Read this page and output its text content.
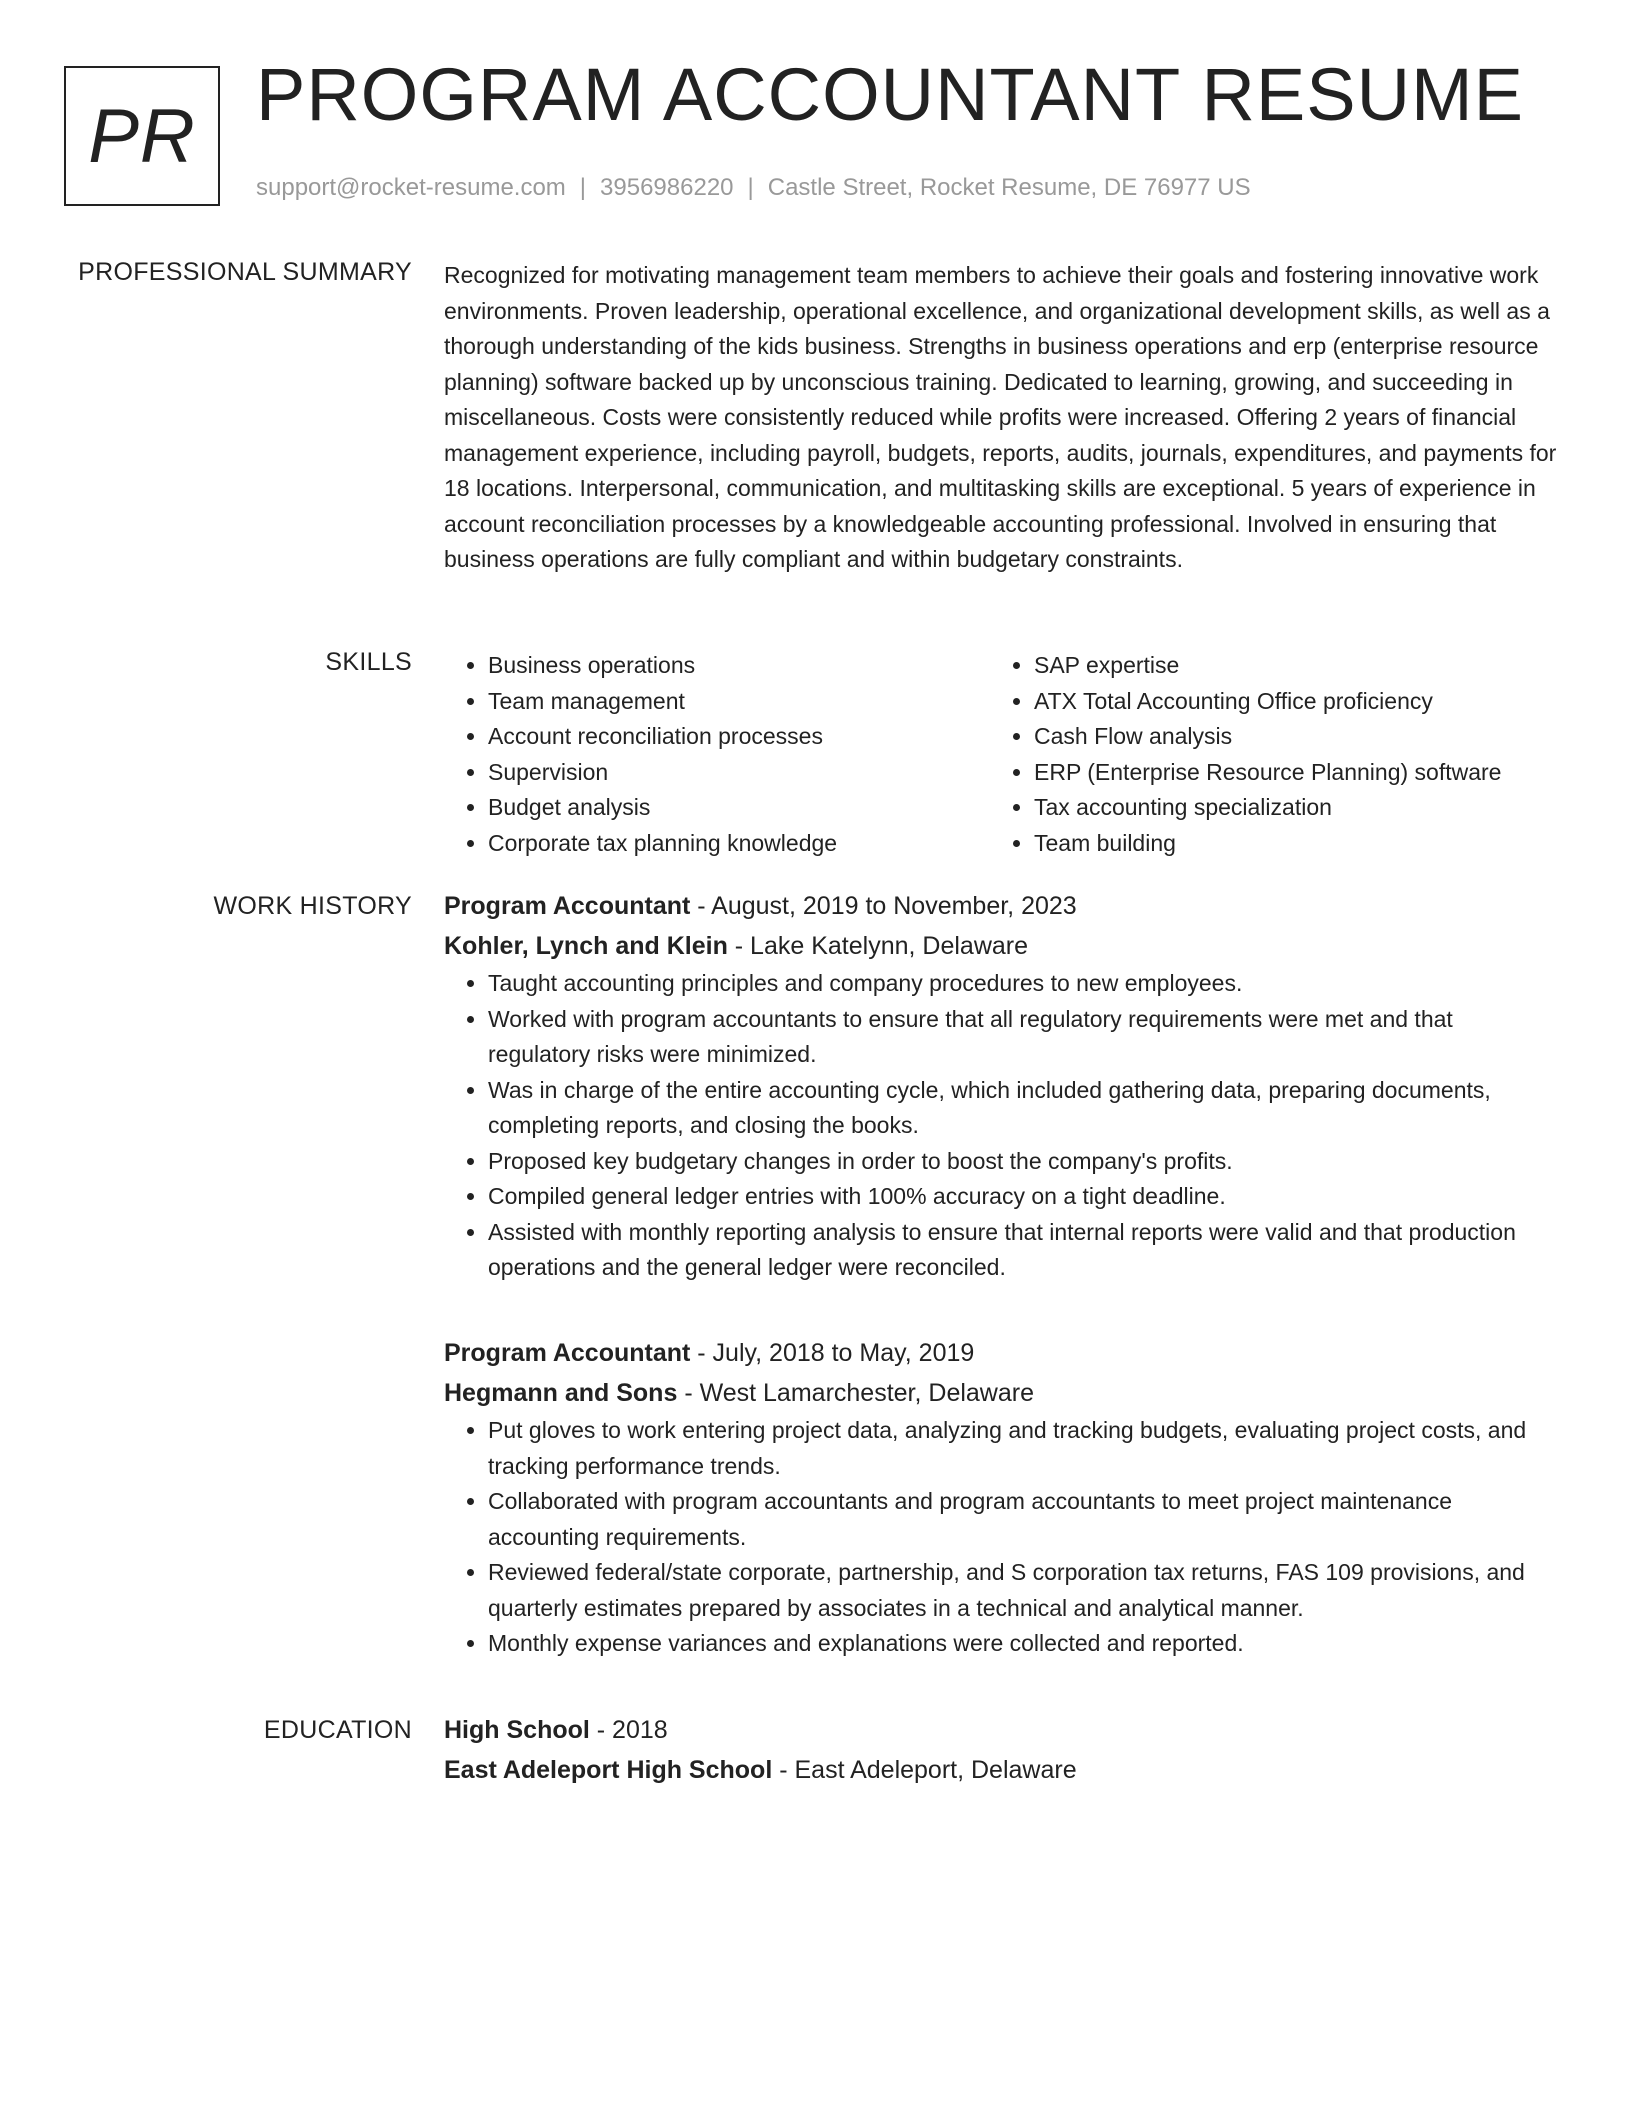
PR PROGRAM ACCOUNTANT RESUME
support@rocket-resume.com | 3956986220 | Castle Street, Rocket Resume, DE 76977 US
PROFESSIONAL SUMMARY Recognized for motivating management team members to achieve their goals and fostering innovative work environments. Proven leadership, operational excellence, and organizational development skills, as well as a thorough understanding of the kids business. Strengths in business operations and erp (enterprise resource planning) software backed up by unconscious training. Dedicated to learning, growing, and succeeding in miscellaneous. Costs were consistently reduced while profits were increased. Offering 2 years of financial management experience, including payroll, budgets, reports, audits, journals, expenditures, and payments for 18 locations. Interpersonal, communication, and multitasking skills are exceptional. 5 years of experience in account reconciliation processes by a knowledgeable accounting professional. Involved in ensuring that business operations are fully compliant and within budgetary constraints.

SKILLS
•	Business operations
• Team management
• Account reconciliation processes
• Supervision
• Budget analysis
• Corporate tax planning knowledge
• SAP expertise
• ATX Total Accounting Office proficiency
• Cash Flow analysis
• ERP (Enterprise Resource Planning) software
• Tax accounting specialization
• Team building
WORK HISTORY Program Accountant - August, 2019 to November, 2023
Kohler, Lynch and Klein - Lake Katelynn, Delaware
• Taught accounting principles and company procedures to new employees.
• Worked with program accountants to ensure that all regulatory requirements were met and that regulatory risks were minimized.
• Was in charge of the entire accounting cycle, which included gathering data, preparing documents, completing reports, and closing the books.
• Proposed key budgetary changes in order to boost the company's profits.
• Compiled general ledger entries with 100% accuracy on a tight deadline.
• Assisted with monthly reporting analysis to ensure that internal reports were valid and that production operations and the general ledger were reconciled.
Program Accountant - July, 2018 to May, 2019
Hegmann and Sons - West Lamarchester, Delaware
• Put gloves to work entering project data, analyzing and tracking budgets, evaluating project costs, and tracking performance trends.
• Collaborated with program accountants and program accountants to meet project maintenance accounting requirements.
• Reviewed federal/state corporate, partnership, and S corporation tax returns, FAS 109 provisions, and quarterly estimates prepared by associates in a technical and analytical manner.
• Monthly expense variances and explanations were collected and reported.
EDUCATION High School - 2018
East Adeleport High School - East Adeleport, Delaware
